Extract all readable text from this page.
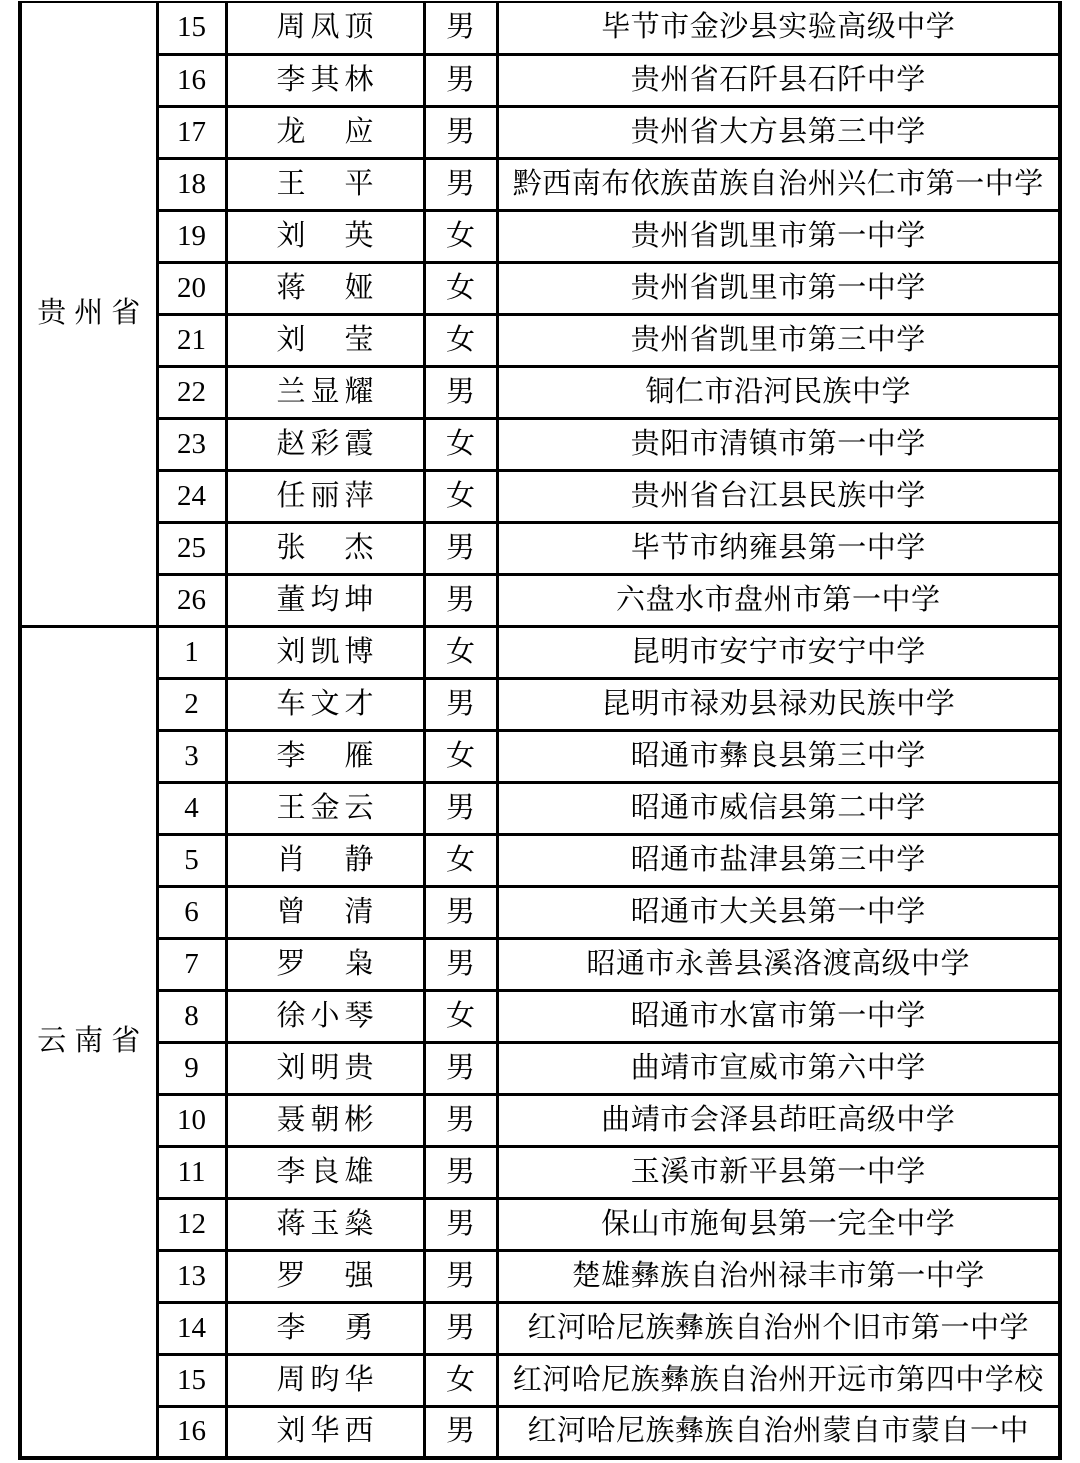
贵州省	15	周凤顶	男	毕节市金沙县实验高级中学
	16	李其林	男	贵州省石阡县石阡中学
	17	龙　应	男	贵州省大方县第三中学
	18	王　平	男	黔西南布依族苗族自治州兴仁市第一中学
	19	刘　英	女	贵州省凯里市第一中学
	20	蒋　娅	女	贵州省凯里市第一中学
	21	刘　莹	女	贵州省凯里市第三中学
	22	兰显耀	男	铜仁市沿河民族中学
	23	赵彩霞	女	贵阳市清镇市第一中学
	24	任丽萍	女	贵州省台江县民族中学
	25	张　杰	男	毕节市纳雍县第一中学
	26	董均坤	男	六盘水市盘州市第一中学
云南省	1	刘凯博	女	昆明市安宁市安宁中学
	2	车文才	男	昆明市禄劝县禄劝民族中学
	3	李　雁	女	昭通市彝良县第三中学
	4	王金云	男	昭通市威信县第二中学
	5	肖　静	女	昭通市盐津县第三中学
	6	曾　清	男	昭通市大关县第一中学
	7	罗　枭	男	昭通市永善县溪洛渡高级中学
	8	徐小琴	女	昭通市水富市第一中学
	9	刘明贵	男	曲靖市宣威市第六中学
	10	聂朝彬	男	曲靖市会泽县茚旺高级中学
	11	李良雄	男	玉溪市新平县第一中学
	12	蒋玉燊	男	保山市施甸县第一完全中学
	13	罗　强	男	楚雄彝族自治州禄丰市第一中学
	14	李　勇	男	红河哈尼族彝族自治州个旧市第一中学
	15	周昀华	女	红河哈尼族彝族自治州开远市第四中学校
	16	刘华西	男	红河哈尼族彝族自治州蒙自市蒙自一中
